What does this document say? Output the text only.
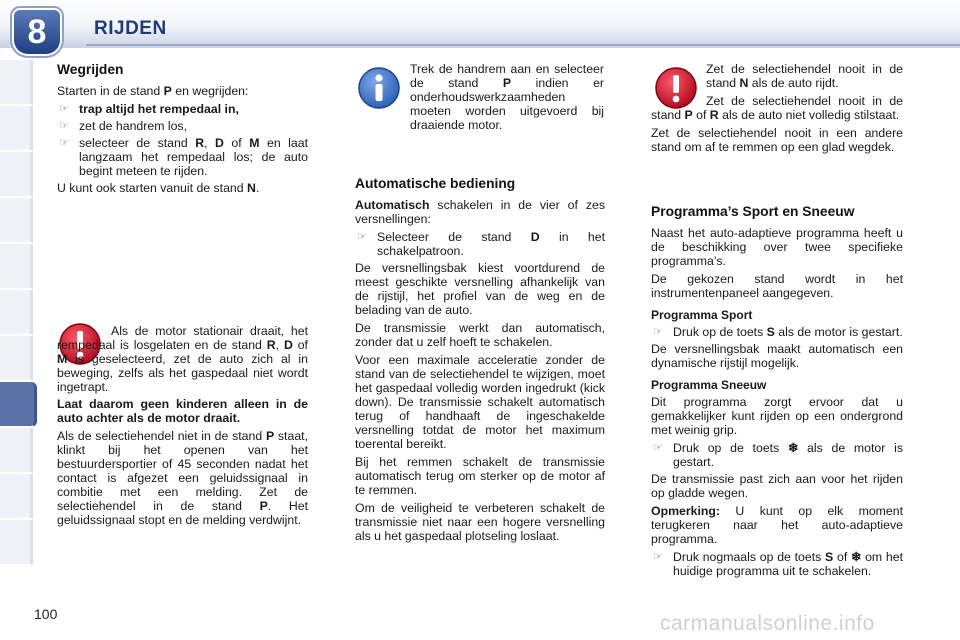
8	RIJDEN
Wegrijden

Starten in de stand P en wegrijden:

☞ trap altijd het rempedaal in,
☞ zet de handrem los,
☞ selecteer de stand R, D of M en laat langzaam het rempedaal los; de auto begint meteen te rijden.

U kunt ook starten vanuit de stand N.

Als de motor stationair draait, het rempedaal is losgelaten en de stand R, D of M is geselecteerd, zet de auto zich al in beweging, zelfs als het gaspedaal niet wordt ingetrapt.

Laat daarom geen kinderen alleen in de auto achter als de motor draait.

Als de selectiehendel niet in de stand P staat, klinkt bij het openen van het bestuurdersportier of 45 seconden nadat het contact is afgezet een geluidssignaal in combitie met een melding. Zet de selectiehendel in de stand P. Het geluidssignaal stopt en de melding verdwijnt.

Trek de handrem aan en selecteer de stand P indien er onderhoudswerkzaamheden moeten worden uitgevoerd bij draaiende motor.

Automatische bediening

Automatisch schakelen in de vier of zes versnellingen:

☞ Selecteer de stand D in het schakelpatroon.

De versnellingsbak kiest voortdurend de meest geschikte versnelling afhankelijk van de rijstijl, het profiel van de weg en de belading van de auto.

De transmissie werkt dan automatisch, zonder dat u zelf hoeft te schakelen.

Voor een maximale acceleratie zonder de stand van de selectiehendel te wijzigen, moet het gaspedaal volledig worden ingedrukt (kick down). De transmissie schakelt automatisch terug of handhaaft de ingeschakelde versnelling totdat de motor het maximum toerental bereikt.

Bij het remmen schakelt de transmissie automatisch terug om sterker op de motor af te remmen.

Om de veiligheid te verbeteren schakelt de transmissie niet naar een hogere versnelling als u het gaspedaal plotseling loslaat.

Zet de selectiehendel nooit in de stand N als de auto rijdt.

Zet de selectiehendel nooit in de stand P of R als de auto niet volledig stilstaat.

Zet de selectiehendel nooit in een andere stand om af te remmen op een glad wegdek.

Programma’s Sport en Sneeuw

Naast het auto-adaptieve programma heeft u de beschikking over twee specifieke programma’s.

De gekozen stand wordt in het instrumentenpaneel aangegeven.

Programma Sport
☞ Druk op de toets S als de motor is gestart.

De versnellingsbak maakt automatisch een dynamische rijstijl mogelijk.

Programma Sneeuw

Dit programma zorgt ervoor dat u gemakkelijker kunt rijden op een ondergrond met weinig grip.

☞ Druk op de toets ❄ als de motor is gestart.

De transmissie past zich aan voor het rijden op gladde wegen.

Opmerking: U kunt op elk moment terugkeren naar het auto-adaptieve programma.

☞ Druk nogmaals op de toets S of ❄ om het huidige programma uit te schakelen.
100	carmanualsonline.info
